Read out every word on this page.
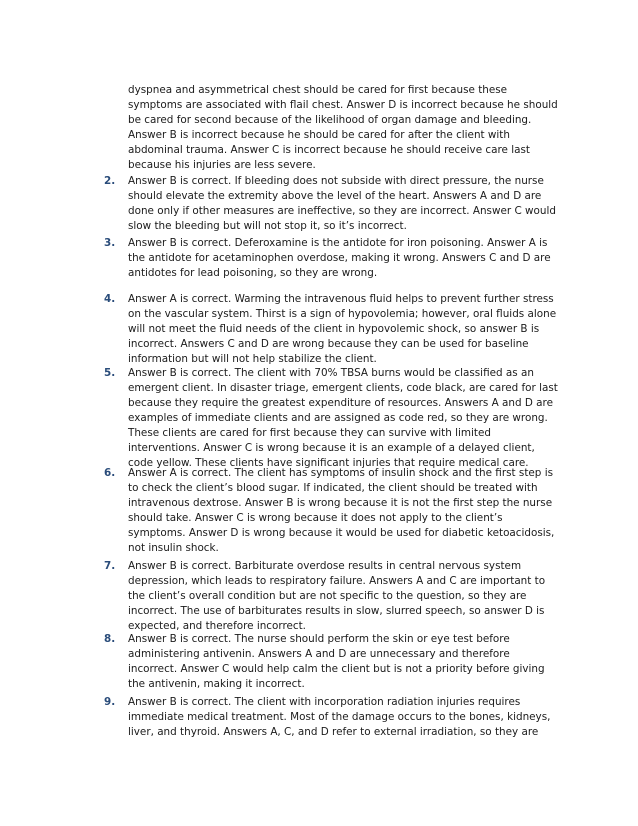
dyspnea and asymmetrical chest should be cared for first because these
symptoms are associated with flail chest. Answer D is incorrect because he should
be cared for second because of the likelihood of organ damage and bleeding.
Answer B is incorrect because he should be cared for after the client with
abdominal trauma. Answer C is incorrect because he should receive care last
because his injuries are less severe.
2. Answer B is correct. If bleeding does not subside with direct pressure, the nurse
should elevate the extremity above the level of the heart. Answers A and D are
done only if other measures are ineffective, so they are incorrect. Answer C would
slow the bleeding but will not stop it, so it’s incorrect.
3. Answer B is correct. Deferoxamine is the antidote for iron poisoning. Answer A is
the antidote for acetaminophen overdose, making it wrong. Answers C and D are
antidotes for lead poisoning, so they are wrong.
4. Answer A is correct. Warming the intravenous fluid helps to prevent further stress
on the vascular system. Thirst is a sign of hypovolemia; however, oral fluids alone
will not meet the fluid needs of the client in hypovolemic shock, so answer B is
incorrect. Answers C and D are wrong because they can be used for baseline
information but will not help stabilize the client.
5. Answer B is correct. The client with 70% TBSA burns would be classified as an
emergent client. In disaster triage, emergent clients, code black, are cared for last
because they require the greatest expenditure of resources. Answers A and D are
examples of immediate clients and are assigned as code red, so they are wrong.
These clients are cared for first because they can survive with limited
interventions. Answer C is wrong because it is an example of a delayed client,
code yellow. These clients have significant injuries that require medical care.
6. Answer A is correct. The client has symptoms of insulin shock and the first step is
to check the client’s blood sugar. If indicated, the client should be treated with
intravenous dextrose. Answer B is wrong because it is not the first step the nurse
should take. Answer C is wrong because it does not apply to the client’s
symptoms. Answer D is wrong because it would be used for diabetic ketoacidosis,
not insulin shock.
7. Answer B is correct. Barbiturate overdose results in central nervous system
depression, which leads to respiratory failure. Answers A and C are important to
the client’s overall condition but are not specific to the question, so they are
incorrect. The use of barbiturates results in slow, slurred speech, so answer D is
expected, and therefore incorrect.
8. Answer B is correct. The nurse should perform the skin or eye test before
administering antivenin. Answers A and D are unnecessary and therefore
incorrect. Answer C would help calm the client but is not a priority before giving
the antivenin, making it incorrect.
9. Answer B is correct. The client with incorporation radiation injuries requires
immediate medical treatment. Most of the damage occurs to the bones, kidneys,
liver, and thyroid. Answers A, C, and D refer to external irradiation, so they are
